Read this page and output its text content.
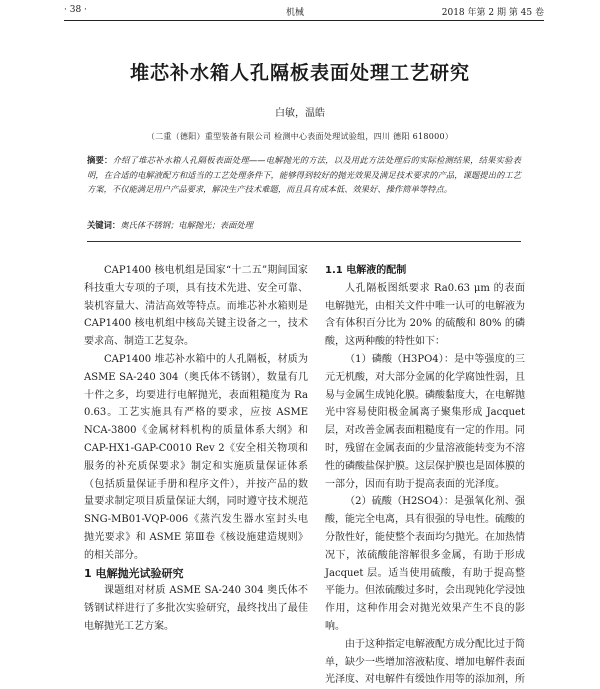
· 38 ·	机械	2018 年第 2 期 第 45 卷
堆芯补水箱人孔隔板表面处理工艺研究
白敏，温皓
（二重（德阳）重型装备有限公司 检测中心表面处理试验组，四川 德阳 618000）
摘要：介绍了堆芯补水箱人孔隔板表面处理——电解抛光的方法，以及用此方法处理后的实际检测结果，结果实验表明，在合适的电解液配方和适当的工艺处理条件下，能够得到较好的抛光效果及满足技术要求的产品，课题提出的工艺方案，不仅能满足用户产品要求，解决生产技术难题，而且具有成本低、效果好、操作简单等特点。
关键词：奥氏体不锈钢；电解抛光；表面处理

CAP1400 核电机组是国家“十二五”期间国家科技重大专项的子项，具有技术先进、安全可靠、装机容量大、清洁高效等特点。而堆芯补水箱则是 CAP1400 核电机组中核岛关键主设备之一，技术要求高、制造工艺复杂。

CAP1400 堆芯补水箱中的人孔隔板，材质为 ASME SA-240 304（奥氏体不锈钢），数量有几十件之多，均要进行电解抛光，表面粗糙度为 Ra 0.63。工艺实施具有严格的要求，应按 ASME NCA-3800《金属材料机构的质量体系大纲》和 CAP-HX1-GAP-C0010 Rev 2《安全相关物项和服务的补充质保要求》制定和实施质量保证体系（包括质量保证手册和程序文件），并按产品的数量要求制定项目质量保证大纲，同时遵守技术规范 SNG-MB01-VQP-006《蒸汽发生器水室封头电抛光要求》和 ASME 第Ⅲ卷《核设施建造规则》的相关部分。

1 电解抛光试验研究

课题组对材质 ASME SA-240 304 奥氏体不锈钢试样进行了多批次实验研究，最终找出了最佳电解抛光工艺方案。

1.1 电解液的配制

人孔隔板图纸要求 Ra0.63 μm 的表面电解抛光，由相关文件中唯一认可的电解液为含有体积百分比为 20% 的硫酸和 80% 的磷酸，这两种酸的特性如下：

（1）磷酸（H3PO4）：是中等强度的三元无机酸，对大部分金属的化学腐蚀性弱，且易与金属生成钝化膜。磷酸黏度大，在电解抛光中容易使阳极金属离子聚集形成 Jacquet 层，对改善金属表面粗糙度有一定的作用。同时，残留在金属表面的少量溶液能转变为不溶性的磷酸盐保护膜。这层保护膜也是固体膜的一部分，因而有助于提高表面的光泽度。

（2）硫酸（H2SO4）：是强氧化剂、强酸，能完全电离，具有很强的导电性。硫酸的分散性好，能使整个表面均匀抛光。在加热情况下，浓硫酸能溶解很多金属，有助于形成 Jacquet 层。适当使用硫酸，有助于提高整平能力。但浓硫酸过多时，会出现钝化学浸蚀作用，这种作用会对抛光效果产生不良的影响。

由于这种指定电解液配方成分配比过于简单，缺少一些增加溶液粘度、增加电解件表面光泽度、对电解件有缓蚀作用等的添加剂，所
